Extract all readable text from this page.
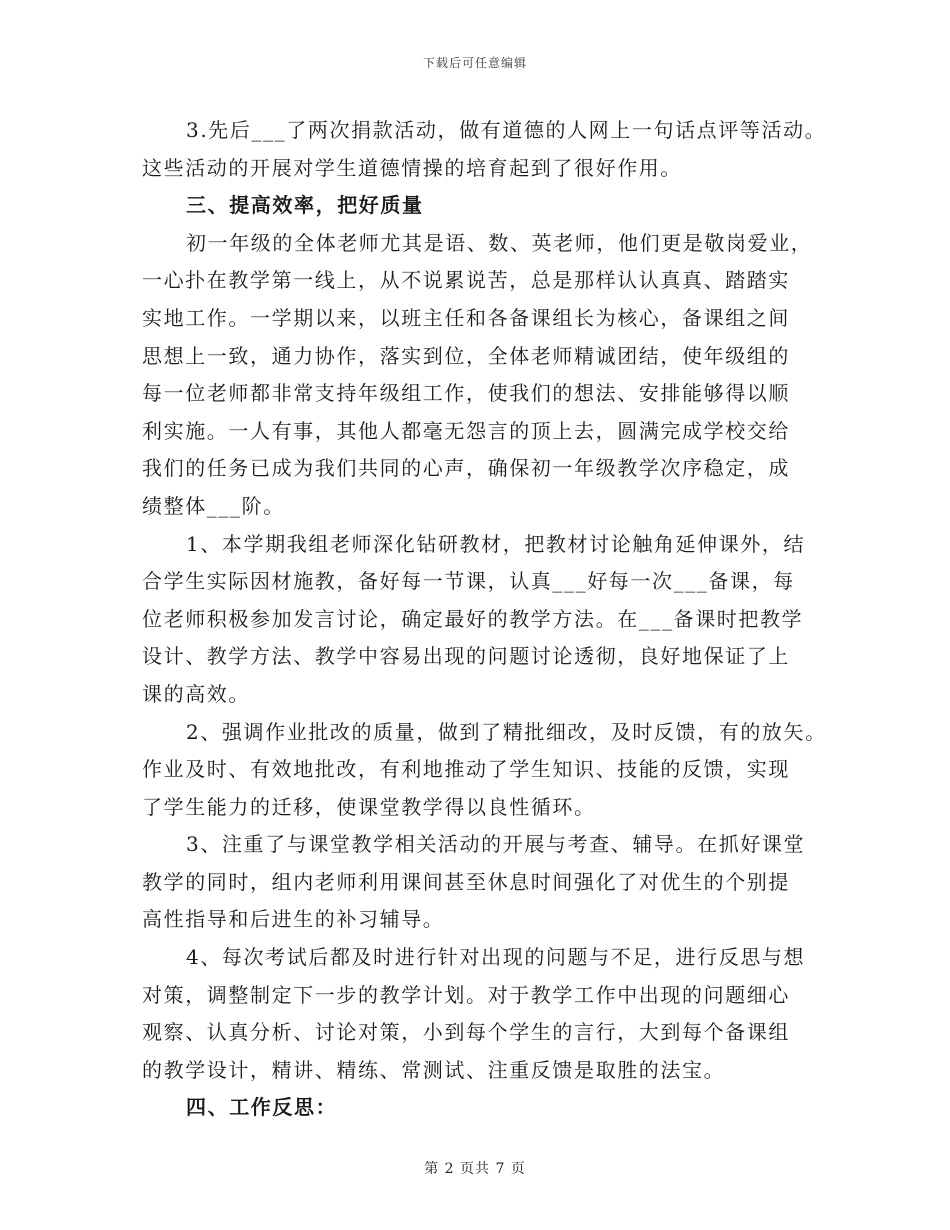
下载后可任意编辑
3.先后___了两次捐款活动，做有道德的人网上一句话点评等活动。
这些活动的开展对学生道德情操的培育起到了很好作用。
三、提高效率，把好质量
初一年级的全体老师尤其是语、数、英老师，他们更是敬岗爱业，
一心扑在教学第一线上，从不说累说苦，总是那样认认真真、踏踏实
实地工作。一学期以来，以班主任和各备课组长为核心，备课组之间
思想上一致，通力协作，落实到位，全体老师精诚团结，使年级组的
每一位老师都非常支持年级组工作，使我们的想法、安排能够得以顺
利实施。一人有事，其他人都毫无怨言的顶上去，圆满完成学校交给
我们的任务已成为我们共同的心声，确保初一年级教学次序稳定，成
绩整体___阶。
1、本学期我组老师深化钻研教材，把教材讨论触角延伸课外，结
合学生实际因材施教，备好每一节课，认真___好每一次___备课，每
位老师积极参加发言讨论，确定最好的教学方法。在___备课时把教学
设计、教学方法、教学中容易出现的问题讨论透彻，良好地保证了上
课的高效。
2、强调作业批改的质量，做到了精批细改，及时反馈，有的放矢。
作业及时、有效地批改，有利地推动了学生知识、技能的反馈，实现
了学生能力的迁移，使课堂教学得以良性循环。
3、注重了与课堂教学相关活动的开展与考查、辅导。在抓好课堂
教学的同时，组内老师利用课间甚至休息时间强化了对优生的个别提
高性指导和后进生的补习辅导。
4、每次考试后都及时进行针对出现的问题与不足，进行反思与想
对策，调整制定下一步的教学计划。对于教学工作中出现的问题细心
观察、认真分析、讨论对策，小到每个学生的言行，大到每个备课组
的教学设计，精讲、精练、常测试、注重反馈是取胜的法宝。
四、工作反思：
第 2 页共 7 页
